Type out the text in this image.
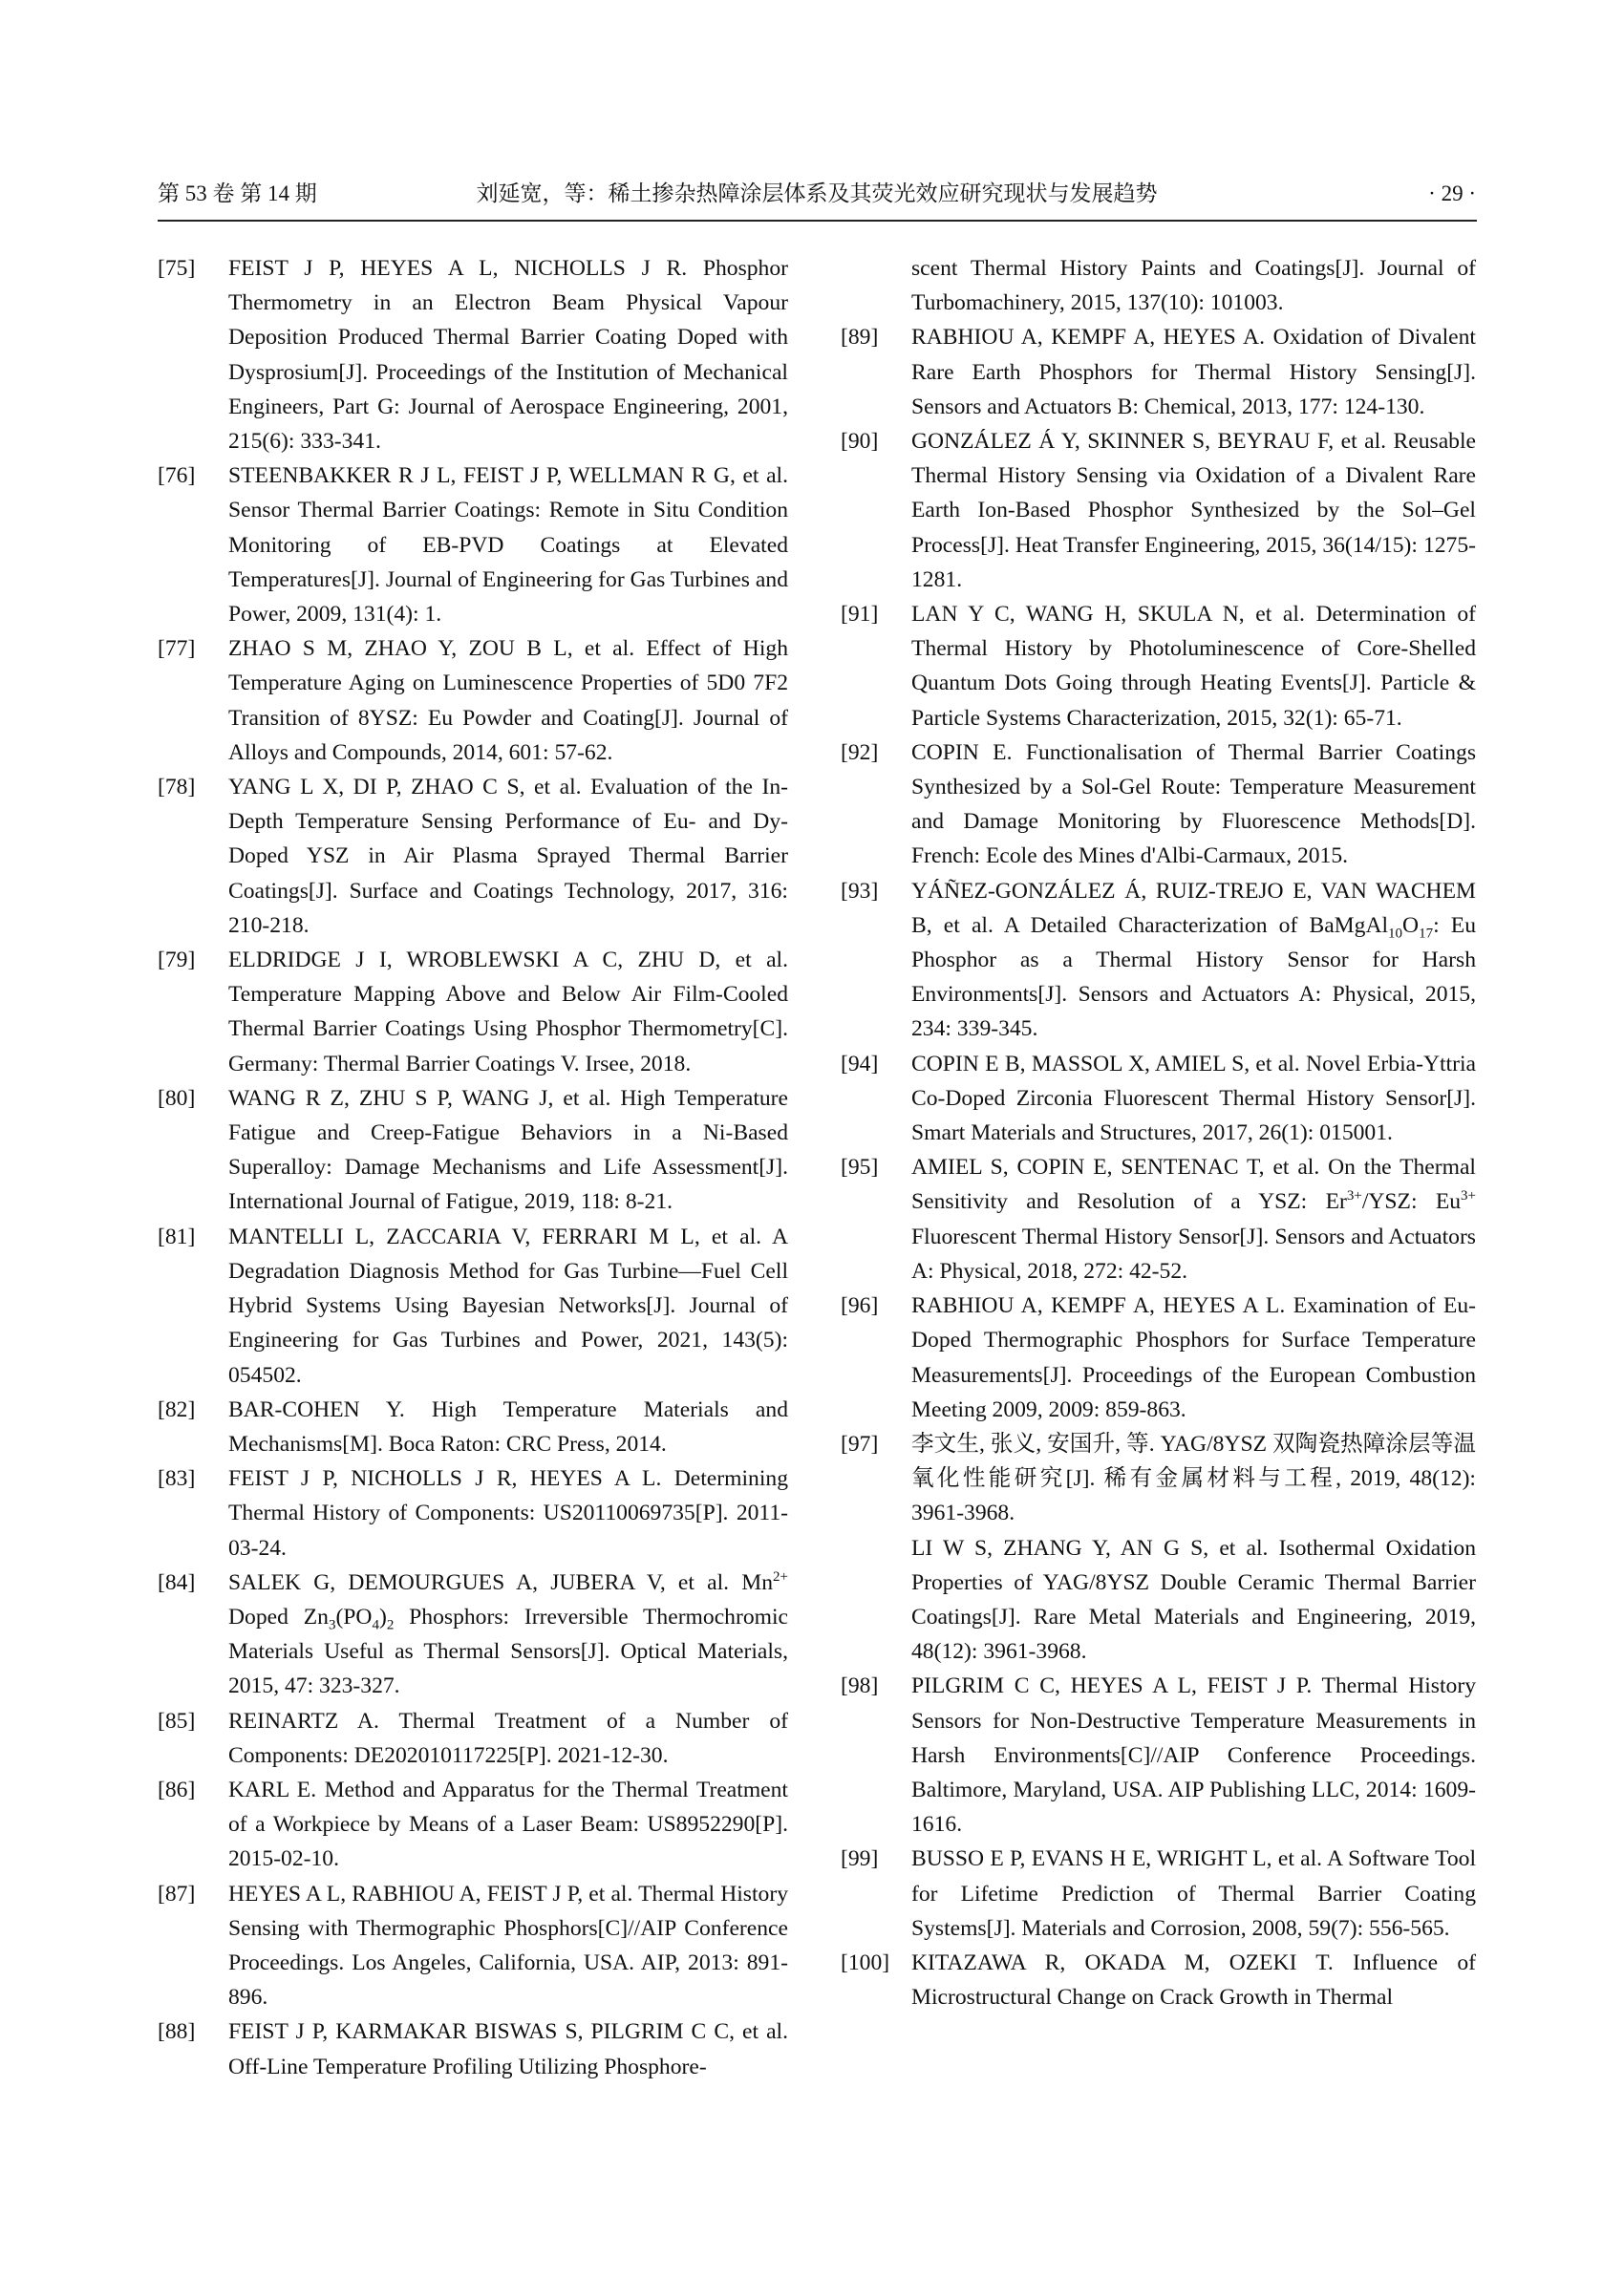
刘延宽，等：稀土掺杂热障涂层体系及其荧光效应研究现状与发展趋势
第 53 卷 第 14 期	· 29 ·

[75] FEIST J P, HEYES A L, NICHOLLS J R. Phosphor Thermometry in an Electron Beam Physical Vapour Deposition Produced Thermal Barrier Coating Doped with Dysprosium[J]. Proceedings of the Institution of Mechanical Engineers, Part G: Journal of Aerospace Engineering, 2001, 215(6): 333-341.

[76] STEENBAKKER R J L, FEIST J P, WELLMAN R G, et al. Sensor Thermal Barrier Coatings: Remote in Situ Condition Monitoring of EB-PVD Coatings at Elevated Temperatures[J]. Journal of Engineering for Gas Turbines and Power, 2009, 131(4): 1.

[77] ZHAO S M, ZHAO Y, ZOU B L, et al. Effect of High Temperature Aging on Luminescence Properties of 5D0 7F2 Transition of 8YSZ: Eu Powder and Coating[J]. Journal of Alloys and Compounds, 2014, 601: 57-62.

[78] YANG L X, DI P, ZHAO C S, et al. Evaluation of the In-Depth Temperature Sensing Performance of Eu- and Dy-Doped YSZ in Air Plasma Sprayed Thermal Barrier Coatings[J]. Surface and Coatings Technology, 2017, 316: 210-218.

[79] ELDRIDGE J I, WROBLEWSKI A C, ZHU D, et al. Temperature Mapping Above and Below Air Film-Cooled Thermal Barrier Coatings Using Phosphor Thermometry[C]. Germany: Thermal Barrier Coatings V. Irsee, 2018.

[80] WANG R Z, ZHU S P, WANG J, et al. High Temperature Fatigue and Creep-Fatigue Behaviors in a Ni-Based Superalloy: Damage Mechanisms and Life Assessment[J]. International Journal of Fatigue, 2019, 118: 8-21.

[81] MANTELLI L, ZACCARIA V, FERRARI M L, et al. A Degradation Diagnosis Method for Gas Turbine—Fuel Cell Hybrid Systems Using Bayesian Networks[J]. Journal of Engineering for Gas Turbines and Power, 2021, 143(5): 054502.

[82] BAR-COHEN Y. High Temperature Materials and Mechanisms[M]. Boca Raton: CRC Press, 2014.

[83] FEIST J P, NICHOLLS J R, HEYES A L. Determining Thermal History of Components: US20110069735[P]. 2011-03-24.

[84] SALEK G, DEMOURGUES A, JUBERA V, et al. $Mn^{2+}$ Doped $Zn_3(PO_4)_2$ Phosphors: Irreversible Thermochromic Materials Useful as Thermal Sensors[J]. Optical Materials, 2015, 47: 323-327.

[85] REINARTZ A. Thermal Treatment of a Number of Components: DE202010117225[P]. 2021-12-30.

[86] KARL E. Method and Apparatus for the Thermal Treatment of a Workpiece by Means of a Laser Beam: US8952290[P]. 2015-02-10.

[87] HEYES A L, RABHIOU A, FEIST J P, et al. Thermal History Sensing with Thermographic Phosphors[C]//AIP Conference Proceedings. Los Angeles, California, USA. AIP, 2013: 891-896.

[88] FEIST J P, KARMAKAR BISWAS S, PILGRIM C C, et al. Off-Line Temperature Profiling Utilizing Phosphore-

scent Thermal History Paints and Coatings[J]. Journal of Turbomachinery, 2015, 137(10): 101003.

[89] RABHIOU A, KEMPF A, HEYES A. Oxidation of Divalent Rare Earth Phosphors for Thermal History Sensing[J]. Sensors and Actuators B: Chemical, 2013, 177: 124-130.

[90] GONZÁLEZ Á Y, SKINNER S, BEYRAU F, et al. Reusable Thermal History Sensing via Oxidation of a Divalent Rare Earth Ion-Based Phosphor Synthesized by the Sol–Gel Process[J]. Heat Transfer Engineering, 2015, 36(14/15): 1275-1281.

[91] LAN Y C, WANG H, SKULA N, et al. Determination of Thermal History by Photoluminescence of Core-Shelled Quantum Dots Going through Heating Events[J]. Particle & Particle Systems Characterization, 2015, 32(1): 65-71.

[92] COPIN E. Functionalisation of Thermal Barrier Coatings Synthesized by a Sol-Gel Route: Temperature Measurement and Damage Monitoring by Fluorescence Methods[D]. French: Ecole des Mines d'Albi-Carmaux, 2015.

[93] YÁÑEZ-GONZÁLEZ Á, RUIZ-TREJO E, VAN WACHEM B, et al. A Detailed Characterization of $BaMgAl_{10}O_{17}$: Eu Phosphor as a Thermal History Sensor for Harsh Environments[J]. Sensors and Actuators A: Physical, 2015, 234: 339-345.

[94] COPIN E B, MASSOL X, AMIEL S, et al. Novel Erbia-Yttria Co-Doped Zirconia Fluorescent Thermal History Sensor[J]. Smart Materials and Structures, 2017, 26(1): 015001.

[95] AMIEL S, COPIN E, SENTENAC T, et al. On the Thermal Sensitivity and Resolution of a YSZ: $Er^{3+}$/YSZ: $Eu^{3+}$ Fluorescent Thermal History Sensor[J]. Sensors and Actuators A: Physical, 2018, 272: 42-52.

[96] RABHIOU A, KEMPF A, HEYES A L. Examination of Eu-Doped Thermographic Phosphors for Surface Temperature Measurements[J]. Proceedings of the European Combustion Meeting 2009, 2009: 859-863.

[97] 李文生, 张义, 安国升, 等. YAG/8YSZ 双陶瓷热障涂层等温氧化性能研究[J]. 稀有金属材料与工程, 2019, 48(12): 3961-3968.

LI W S, ZHANG Y, AN G S, et al. Isothermal Oxidation Properties of YAG/8YSZ Double Ceramic Thermal Barrier Coatings[J]. Rare Metal Materials and Engineering, 2019, 48(12): 3961-3968.

[98] PILGRIM C C, HEYES A L, FEIST J P. Thermal History Sensors for Non-Destructive Temperature Measurements in Harsh Environments[C]//AIP Conference Proceedings. Baltimore, Maryland, USA. AIP Publishing LLC, 2014: 1609-1616.

[99] BUSSO E P, EVANS H E, WRIGHT L, et al. A Software Tool for Lifetime Prediction of Thermal Barrier Coating Systems[J]. Materials and Corrosion, 2008, 59(7): 556-565.

[100] KITAZAWA R, OKADA M, OZEKI T. Influence of Microstructural Change on Crack Growth in Thermal
